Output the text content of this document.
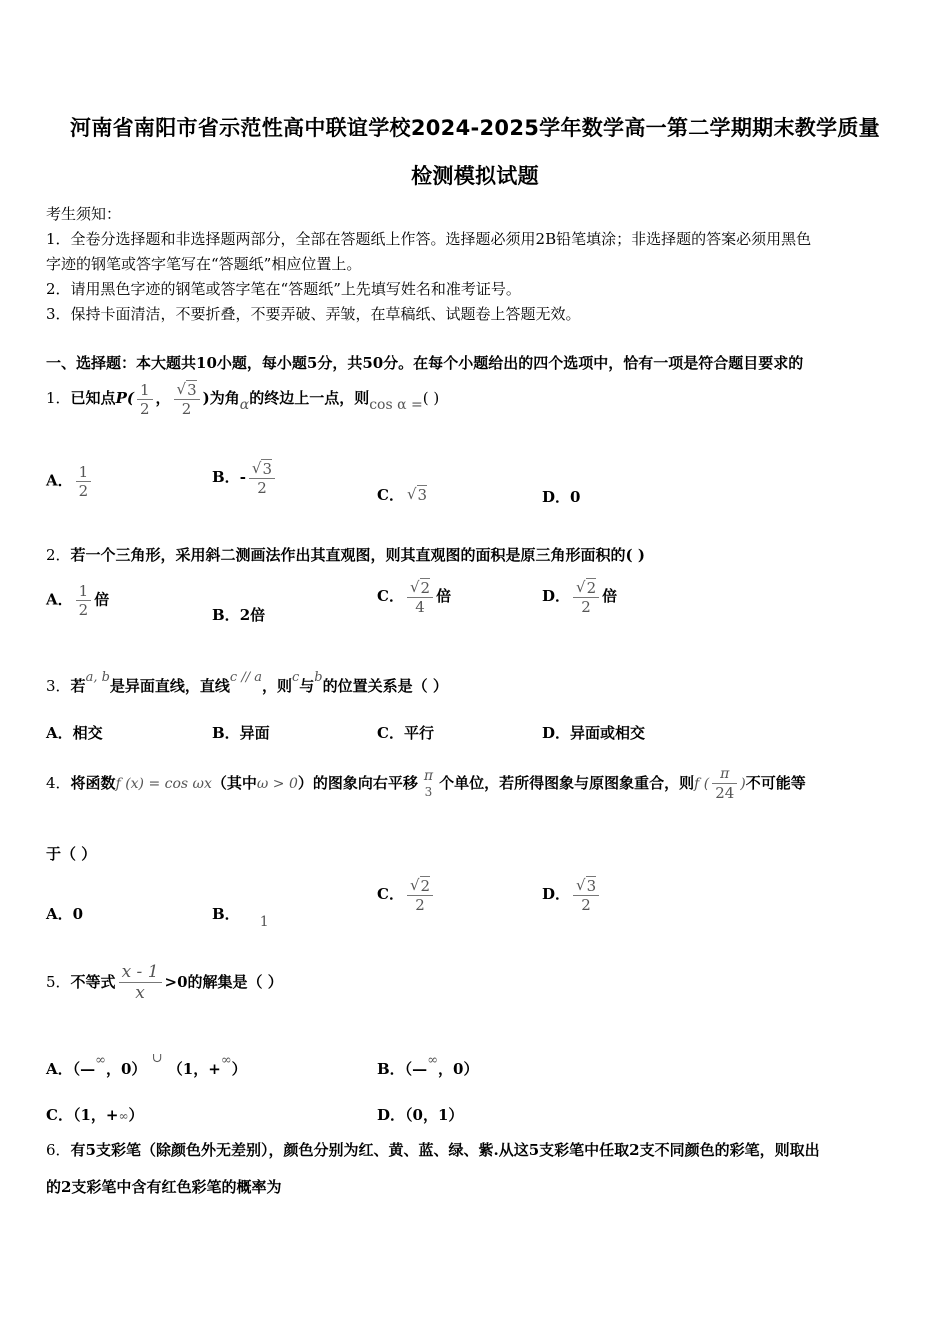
河南省南阳市省示范性高中联谊学校2024-2025学年数学高一第二学期期末教学质量
检测模拟试题
考生须知：
1．全卷分选择题和非选择题两部分，全部在答题纸上作答。选择题必须用2B铅笔填涂；非选择题的答案必须用黑色
字迹的钢笔或答字笔写在“答题纸”相应位置上。
2．请用黑色字迹的钢笔或答字笔在“答题纸”上先填写姓名和准考证号。
3．保持卡面清洁，不要折叠，不要弄破、弄皱，在草稿纸、试题卷上答题无效。
一、选择题：本大题共10小题，每小题5分，共50分。在每个小题给出的四个选项中，恰有一项是符合题目要求的
1．已知点$P( \frac{1}{2}$ ， $\frac{√ 3}{2}$ )为角α的终边上一点，则cos α =( )
A． $\frac{1}{2}$	B．- $\frac{√ 3}{2}$	C． √ 3	D．0
2．若一个三角形，采用斜二测画法作出其直观图，则其直观图的面积是原三角形面积的( )
A． $\frac{1}{2}$ 倍
B．2倍
C． $\frac{√ 2}{4}$ 倍	D． $\frac{√ 2}{2}$ 倍
3．若a, b是异面直线，直线c // a，则c与b的位置关系是（ ）
A．相交	B．异面	C．平行	D．异面或相交
4．将函数f (x) = cos ωx（其中ω > 0）的图象向右平移 π
3
个单位，若所得图象与原图象重合，则f ( $\frac{\pi}{24}$ )不可能等
于（ ）
A．0	B． 1
C． $\frac{√ 2}{2}$	D． $\frac{√ 3}{2}$
5．不等式 $\frac{x - 1}{x} >0$的解集是（ ）
A．（—∞，0） ∪ （1，+∞）	B．（—∞，0）
C．（1，+∞）	D．（0，1）
6．有5支彩笔（除颜色外无差别），颜色分别为红、黄、蓝、绿、紫.从这5支彩笔中任取2支不同颜色的彩笔，则取出
的2支彩笔中含有红色彩笔的概率为
